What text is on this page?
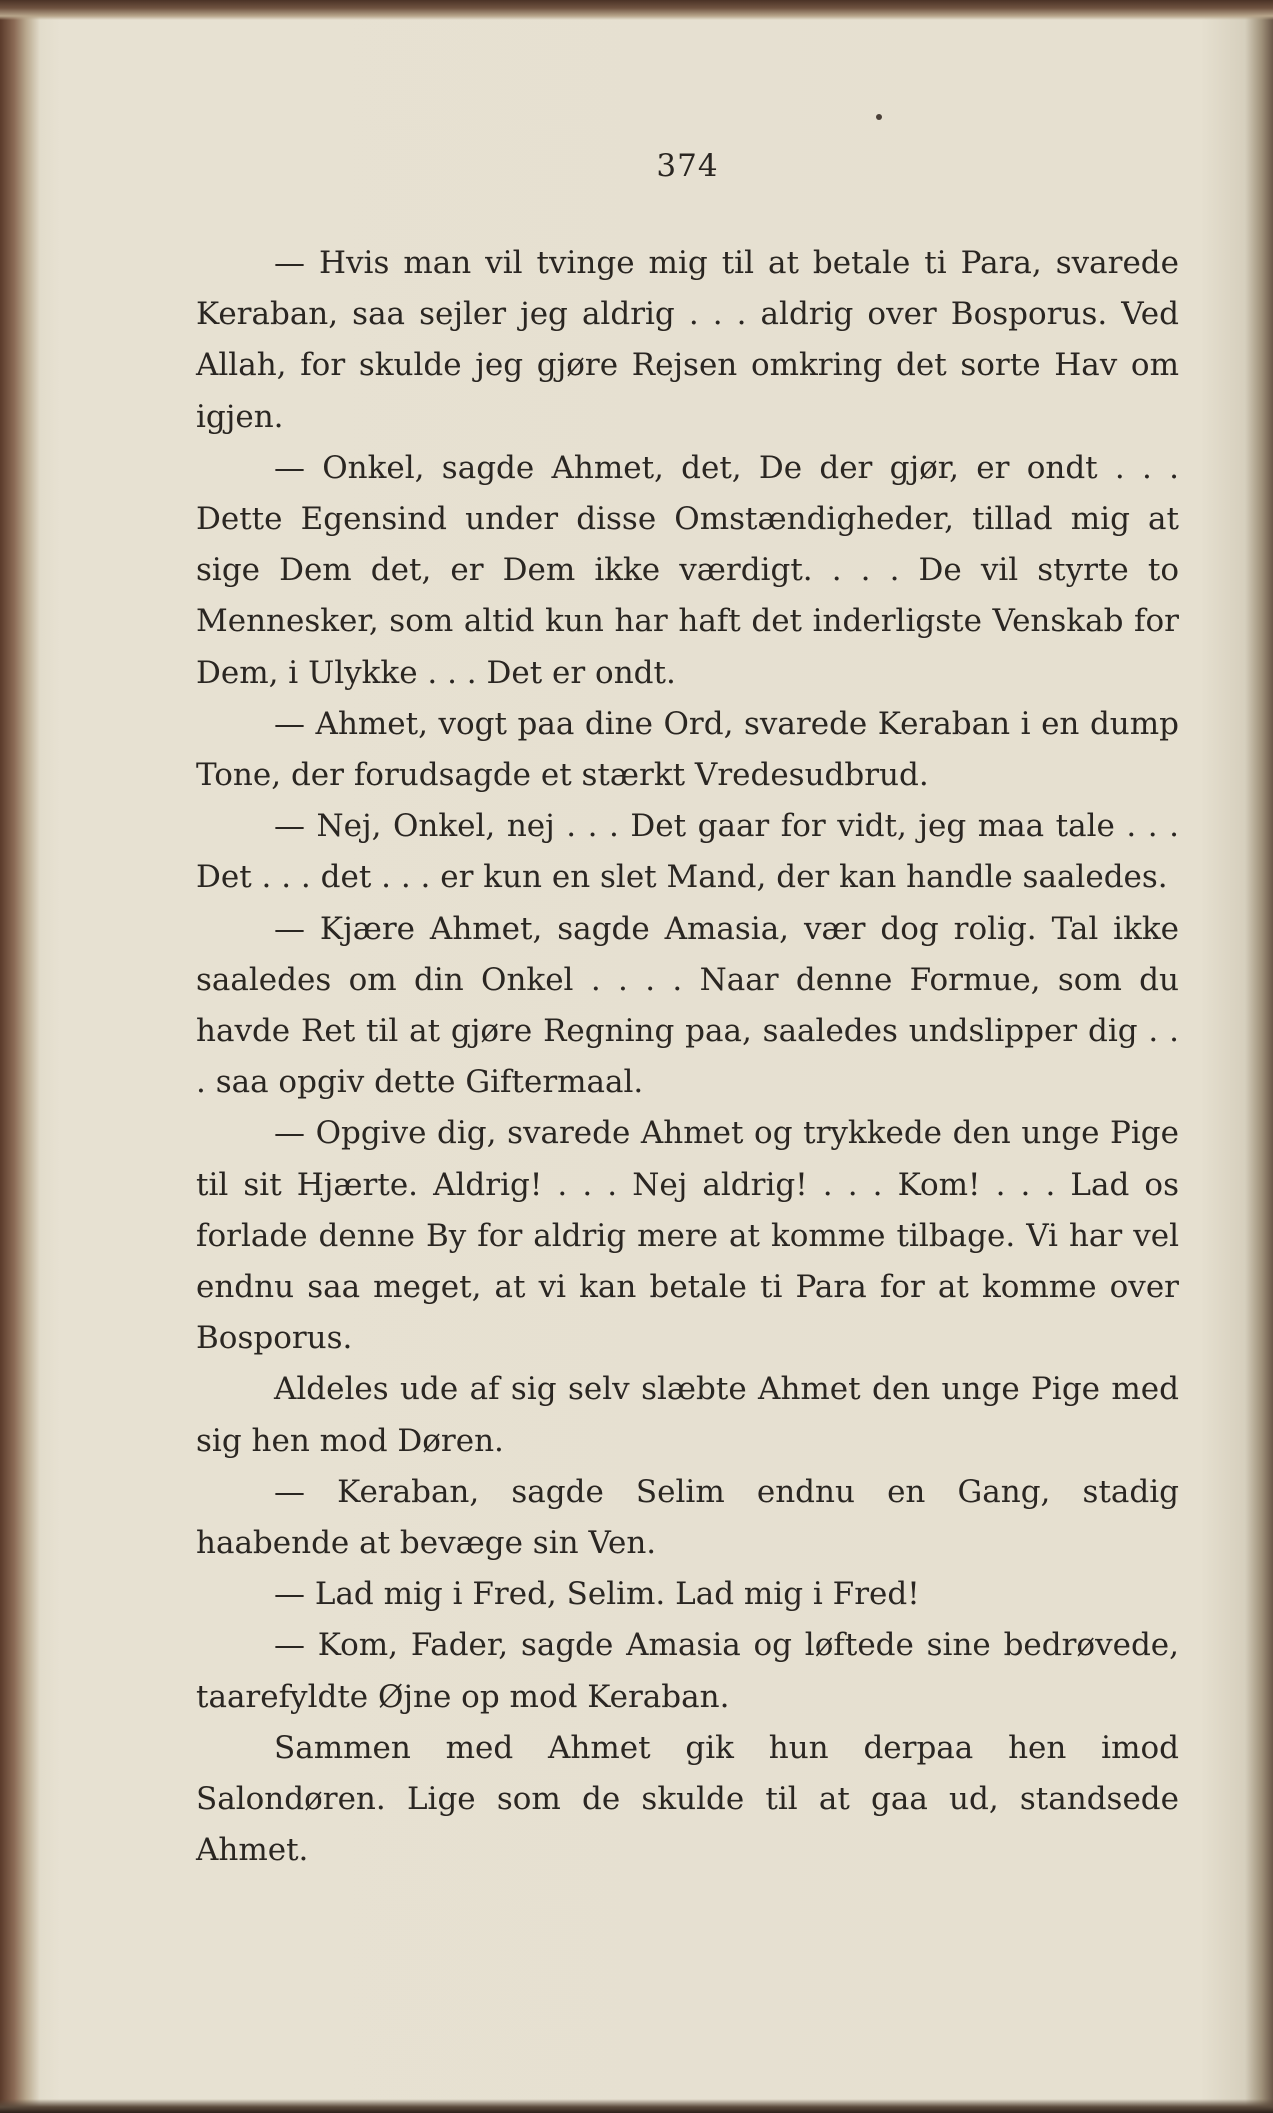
374

— Hvis man vil tvinge mig til at betale ti Para, svarede Keraban, saa sejler jeg aldrig . . . aldrig over Bosporus. Ved Allah, for skulde jeg gjøre Rejsen omkring det sorte Hav om igjen.

— Onkel, sagde Ahmet, det, De der gjør, er ondt . . . Dette Egensind under disse Omstændigheder, tillad mig at sige Dem det, er Dem ikke værdigt. . . . De vil styrte to Mennesker, som altid kun har haft det inderligste Venskab for Dem, i Ulykke . . . Det er ondt.

— Ahmet, vogt paa dine Ord, svarede Keraban i en dump Tone, der forudsagde et stærkt Vredesudbrud.

— Nej, Onkel, nej . . . Det gaar for vidt, jeg maa tale . . . Det . . . det . . . er kun en slet Mand, der kan handle saaledes.

— Kjære Ahmet, sagde Amasia, vær dog rolig. Tal ikke saaledes om din Onkel . . . . Naar denne Formue, som du havde Ret til at gjøre Regning paa, saaledes undslipper dig . . . saa opgiv dette Giftermaal.

— Opgive dig, svarede Ahmet og trykkede den unge Pige til sit Hjærte. Aldrig! . . . Nej aldrig! . . . Kom! . . . Lad os forlade denne By for aldrig mere at komme tilbage. Vi har vel endnu saa meget, at vi kan betale ti Para for at komme over Bosporus.

Aldeles ude af sig selv slæbte Ahmet den unge Pige med sig hen mod Døren.

— Keraban, sagde Selim endnu en Gang, stadig haabende at bevæge sin Ven.

— Lad mig i Fred, Selim. Lad mig i Fred!

— Kom, Fader, sagde Amasia og løftede sine bedrøvede, taarefyldte Øjne op mod Keraban.

Sammen med Ahmet gik hun derpaa hen imod Salondøren. Lige som de skulde til at gaa ud, standsede Ahmet.
